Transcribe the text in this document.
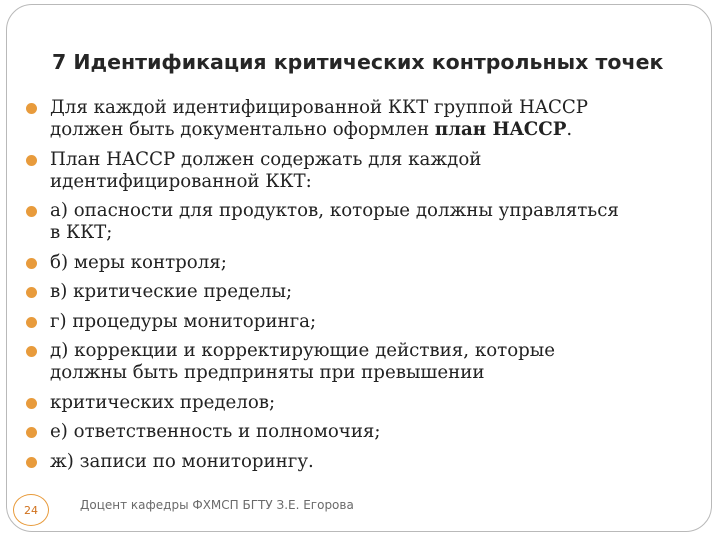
7 Идентификация критических контрольных точек
Для каждой идентифицированной ККТ группой HACCP
должен быть документально оформлен план HACCP.
План HACCP должен содержать для каждой
идентифицированной ККТ:
а) опасности для продуктов, которые должны управляться
в ККТ;
б) меры контроля;
в) критические пределы;
г) процедуры мониторинга;
д) коррекции и корректирующие действия, которые
должны быть предприняты при превышении
критических пределов;
е) ответственность и полномочия;
ж) записи по мониторингу.
24	Доцент кафедры ФХМСП БГТУ З.Е. Егорова
